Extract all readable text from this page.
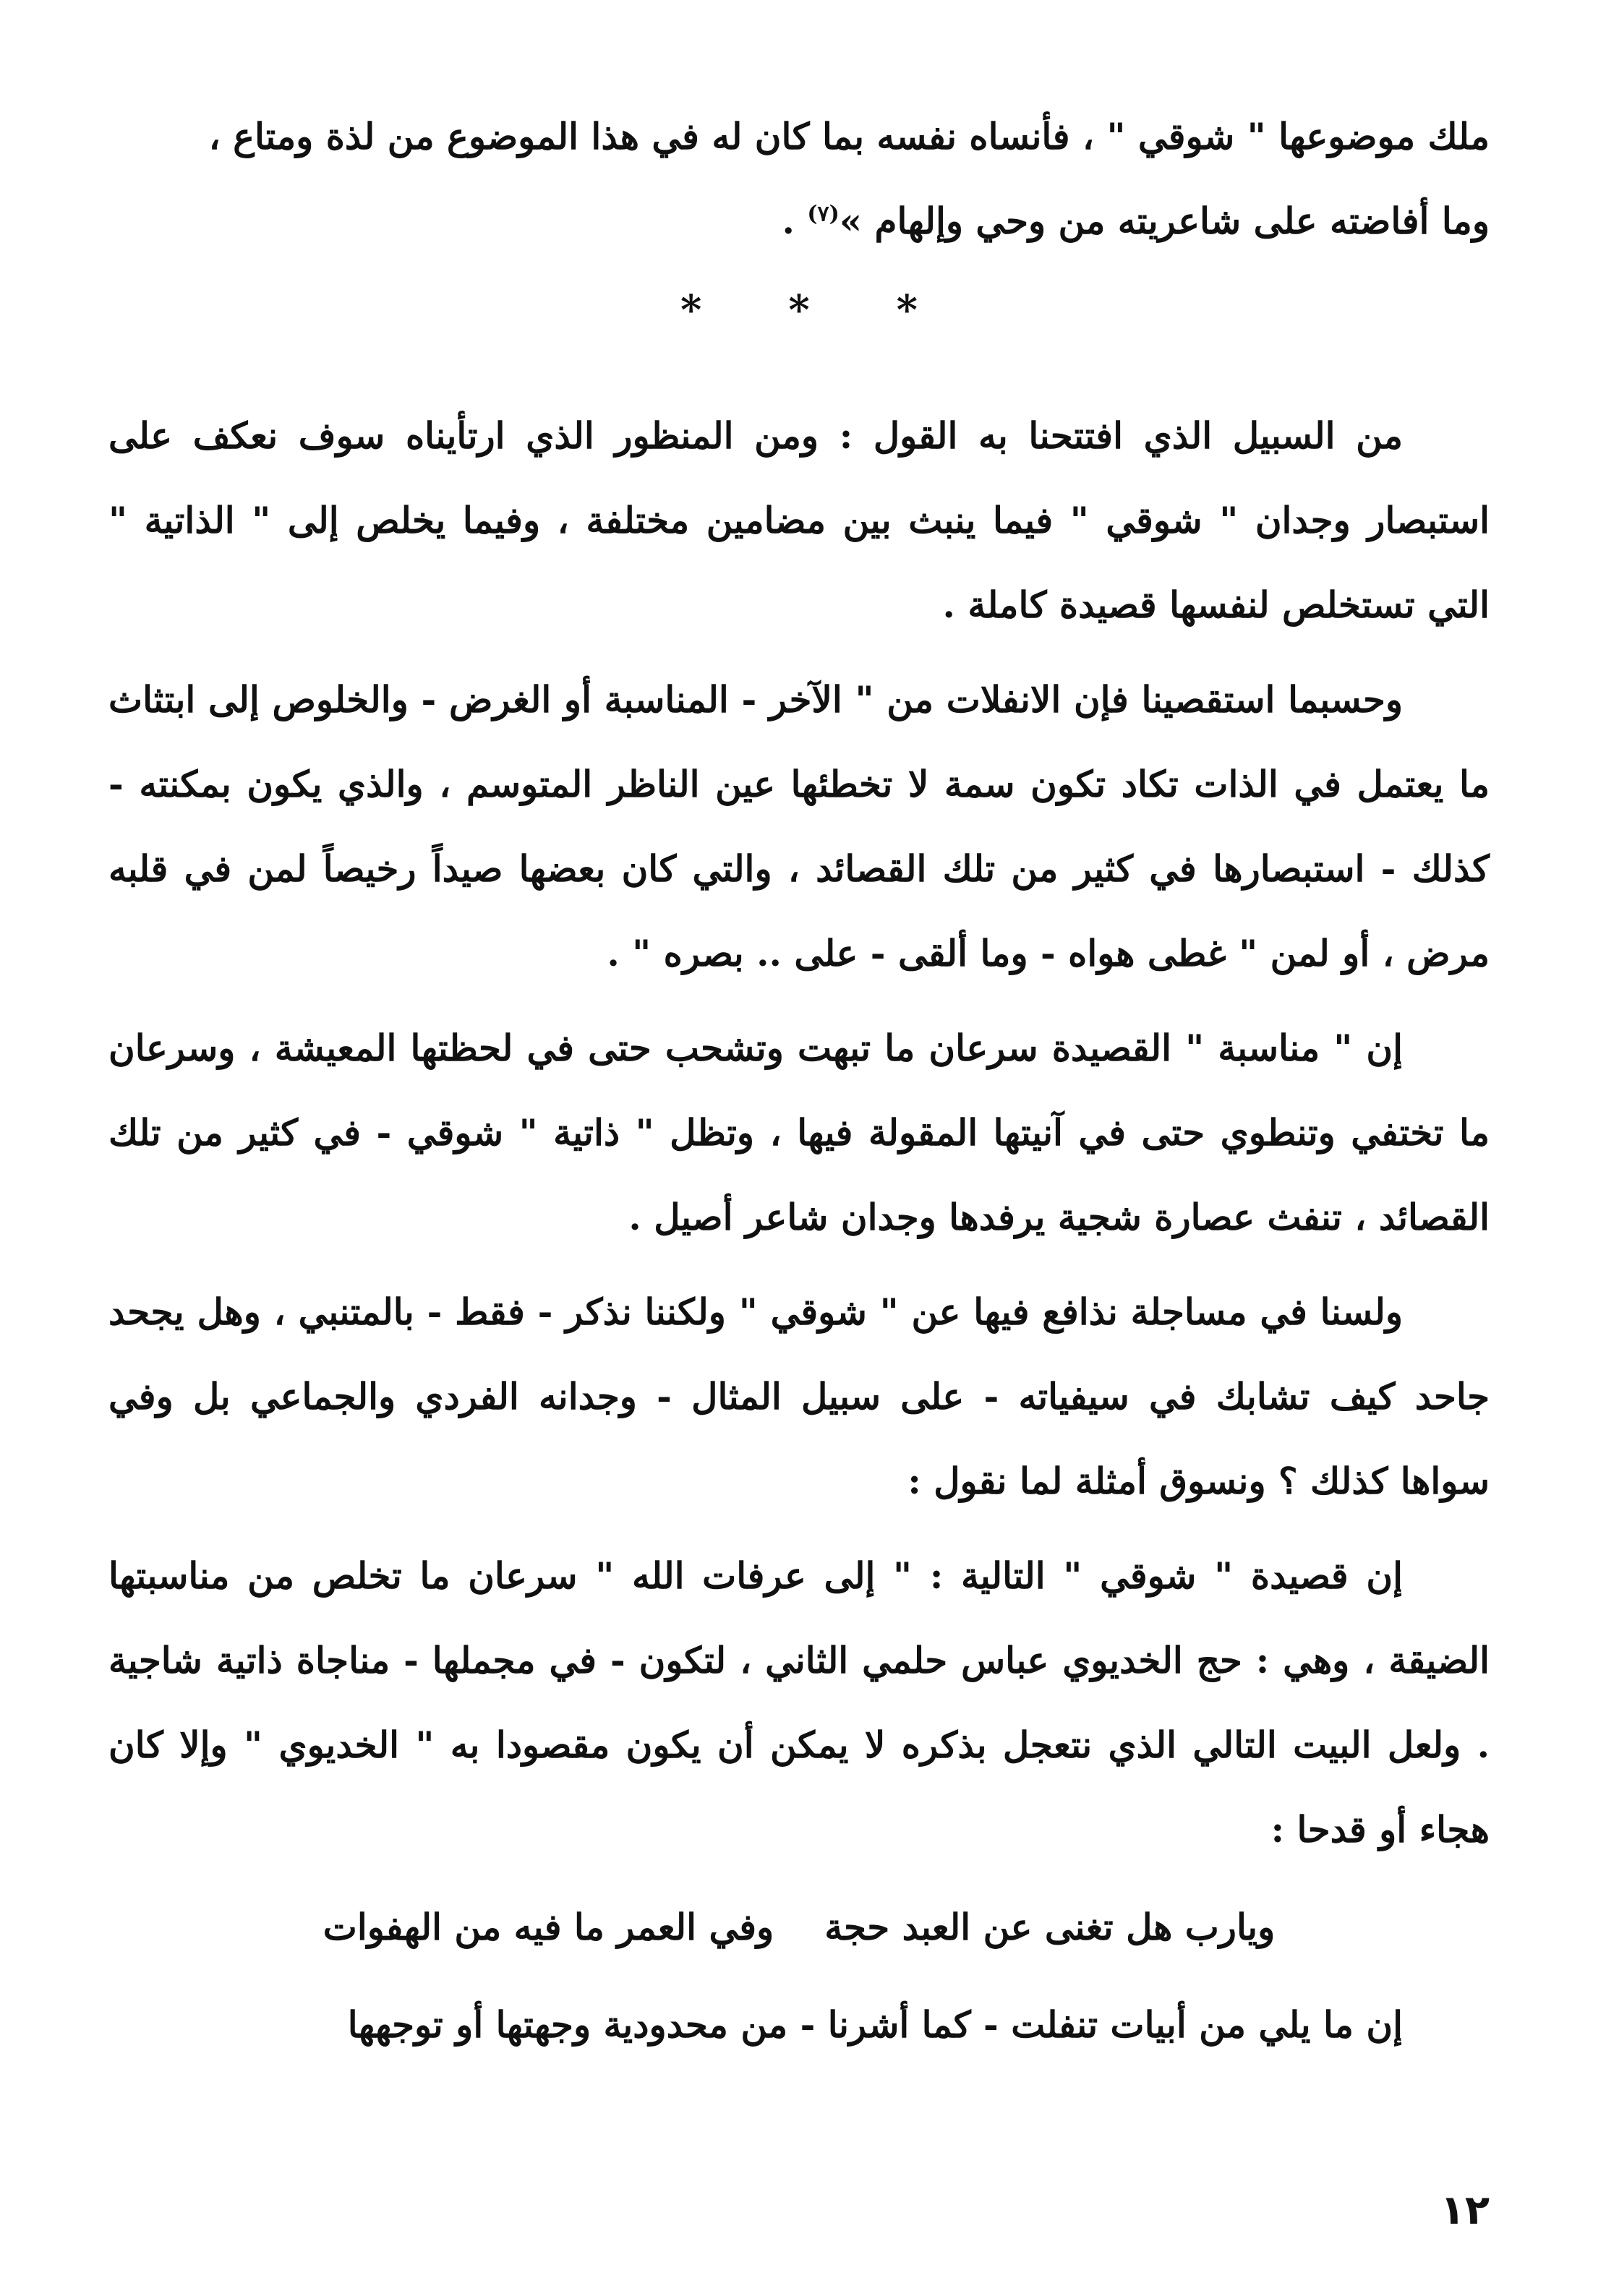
ملك موضوعها " شوقي " ، فأنساه نفسه بما كان له في هذا الموضوع من لذة ومتاع ،

وما أفاضته على شاعريته من وحي وإلهام »$^{(٧)}$ .

* * *

من السبيل الذي افتتحنا به القول : ومن المنظور الذي ارتأيناه سوف نعكف على استبصار وجدان " شوقي " فيما ينبث بين مضامين مختلفة ، وفيما يخلص إلى " الذاتية " التي تستخلص لنفسها قصيدة كاملة .

وحسبما استقصينا فإن الانفلات من " الآخر - المناسبة أو الغرض - والخلوص إلى ابتثاث ما يعتمل في الذات تكاد تكون سمة لا تخطئها عين الناظر المتوسم ، والذي يكون بمكنته - كذلك - استبصارها في كثير من تلك القصائد ، والتي كان بعضها صيداً رخيصاً لمن في قلبه مرض ، أو لمن " غطى هواه - وما ألقى - على .. بصره " .

إن " مناسبة " القصيدة سرعان ما تبهت وتشحب حتى في لحظتها المعيشة ، وسرعان ما تختفي وتنطوي حتى في آنيتها المقولة فيها ، وتظل " ذاتية " شوقي - في كثير من تلك القصائد ، تنفث عصارة شجية يرفدها وجدان شاعر أصيل .

ولسنا في مساجلة نذافع فيها عن " شوقي " ولكننا نذكر - فقط - بالمتنبي ، وهل يجحد جاحد كيف تشابك في سيفياته - على سبيل المثال - وجدانه الفردي والجماعي بل وفي سواها كذلك ؟ ونسوق أمثلة لما نقول :

إن قصيدة " شوقي " التالية : " إلى عرفات الله " سرعان ما تخلص من مناسبتها الضيقة ، وهي : حج الخديوي عباس حلمي الثاني ، لتكون - في مجملها - مناجاة ذاتية شاجية . ولعل البيت التالي الذي نتعجل بذكره لا يمكن أن يكون مقصودا به " الخديوي " وإلا كان هجاء أو قدحا :

ويارب هل تغنى عن العبد حجة
وفي العمر ما فيه من الهفوات

إن ما يلي من أبيات تنفلت - كما أشرنا - من محدودية وجهتها أو توجهها

١٢
